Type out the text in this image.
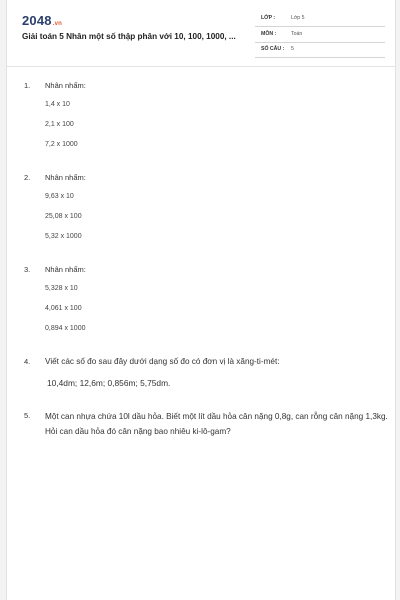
2048.vn
Giải toán 5 Nhân một số thập phân với 10, 100, 1000, ...
LỚP :	Lớp 5
MÔN :	Toán
SỐ CÂU : 5
1. Nhân nhẩm:
1,4 x 10
2,1 x 100
7,2 x 1000
2. Nhân nhẩm:
9,63 x 10
25,08 x 100
5,32 x 1000
3. Nhân nhẩm:
5,328 x 10
4,061 x 100
0,894 x 1000
4. Viết các số đo sau đây dưới dạng số đo có đơn vị là xăng-ti-mét:
10,4dm; 12,6m; 0,856m; 5,75dm.
5. Một can nhựa chứa 10l dầu hỏa. Biết một lít dầu hỏa cân nặng 0,8g, can rỗng cân nặng 1,3kg. Hỏi can dầu hỏa đó cân nặng bao nhiêu ki-lô-gam?
